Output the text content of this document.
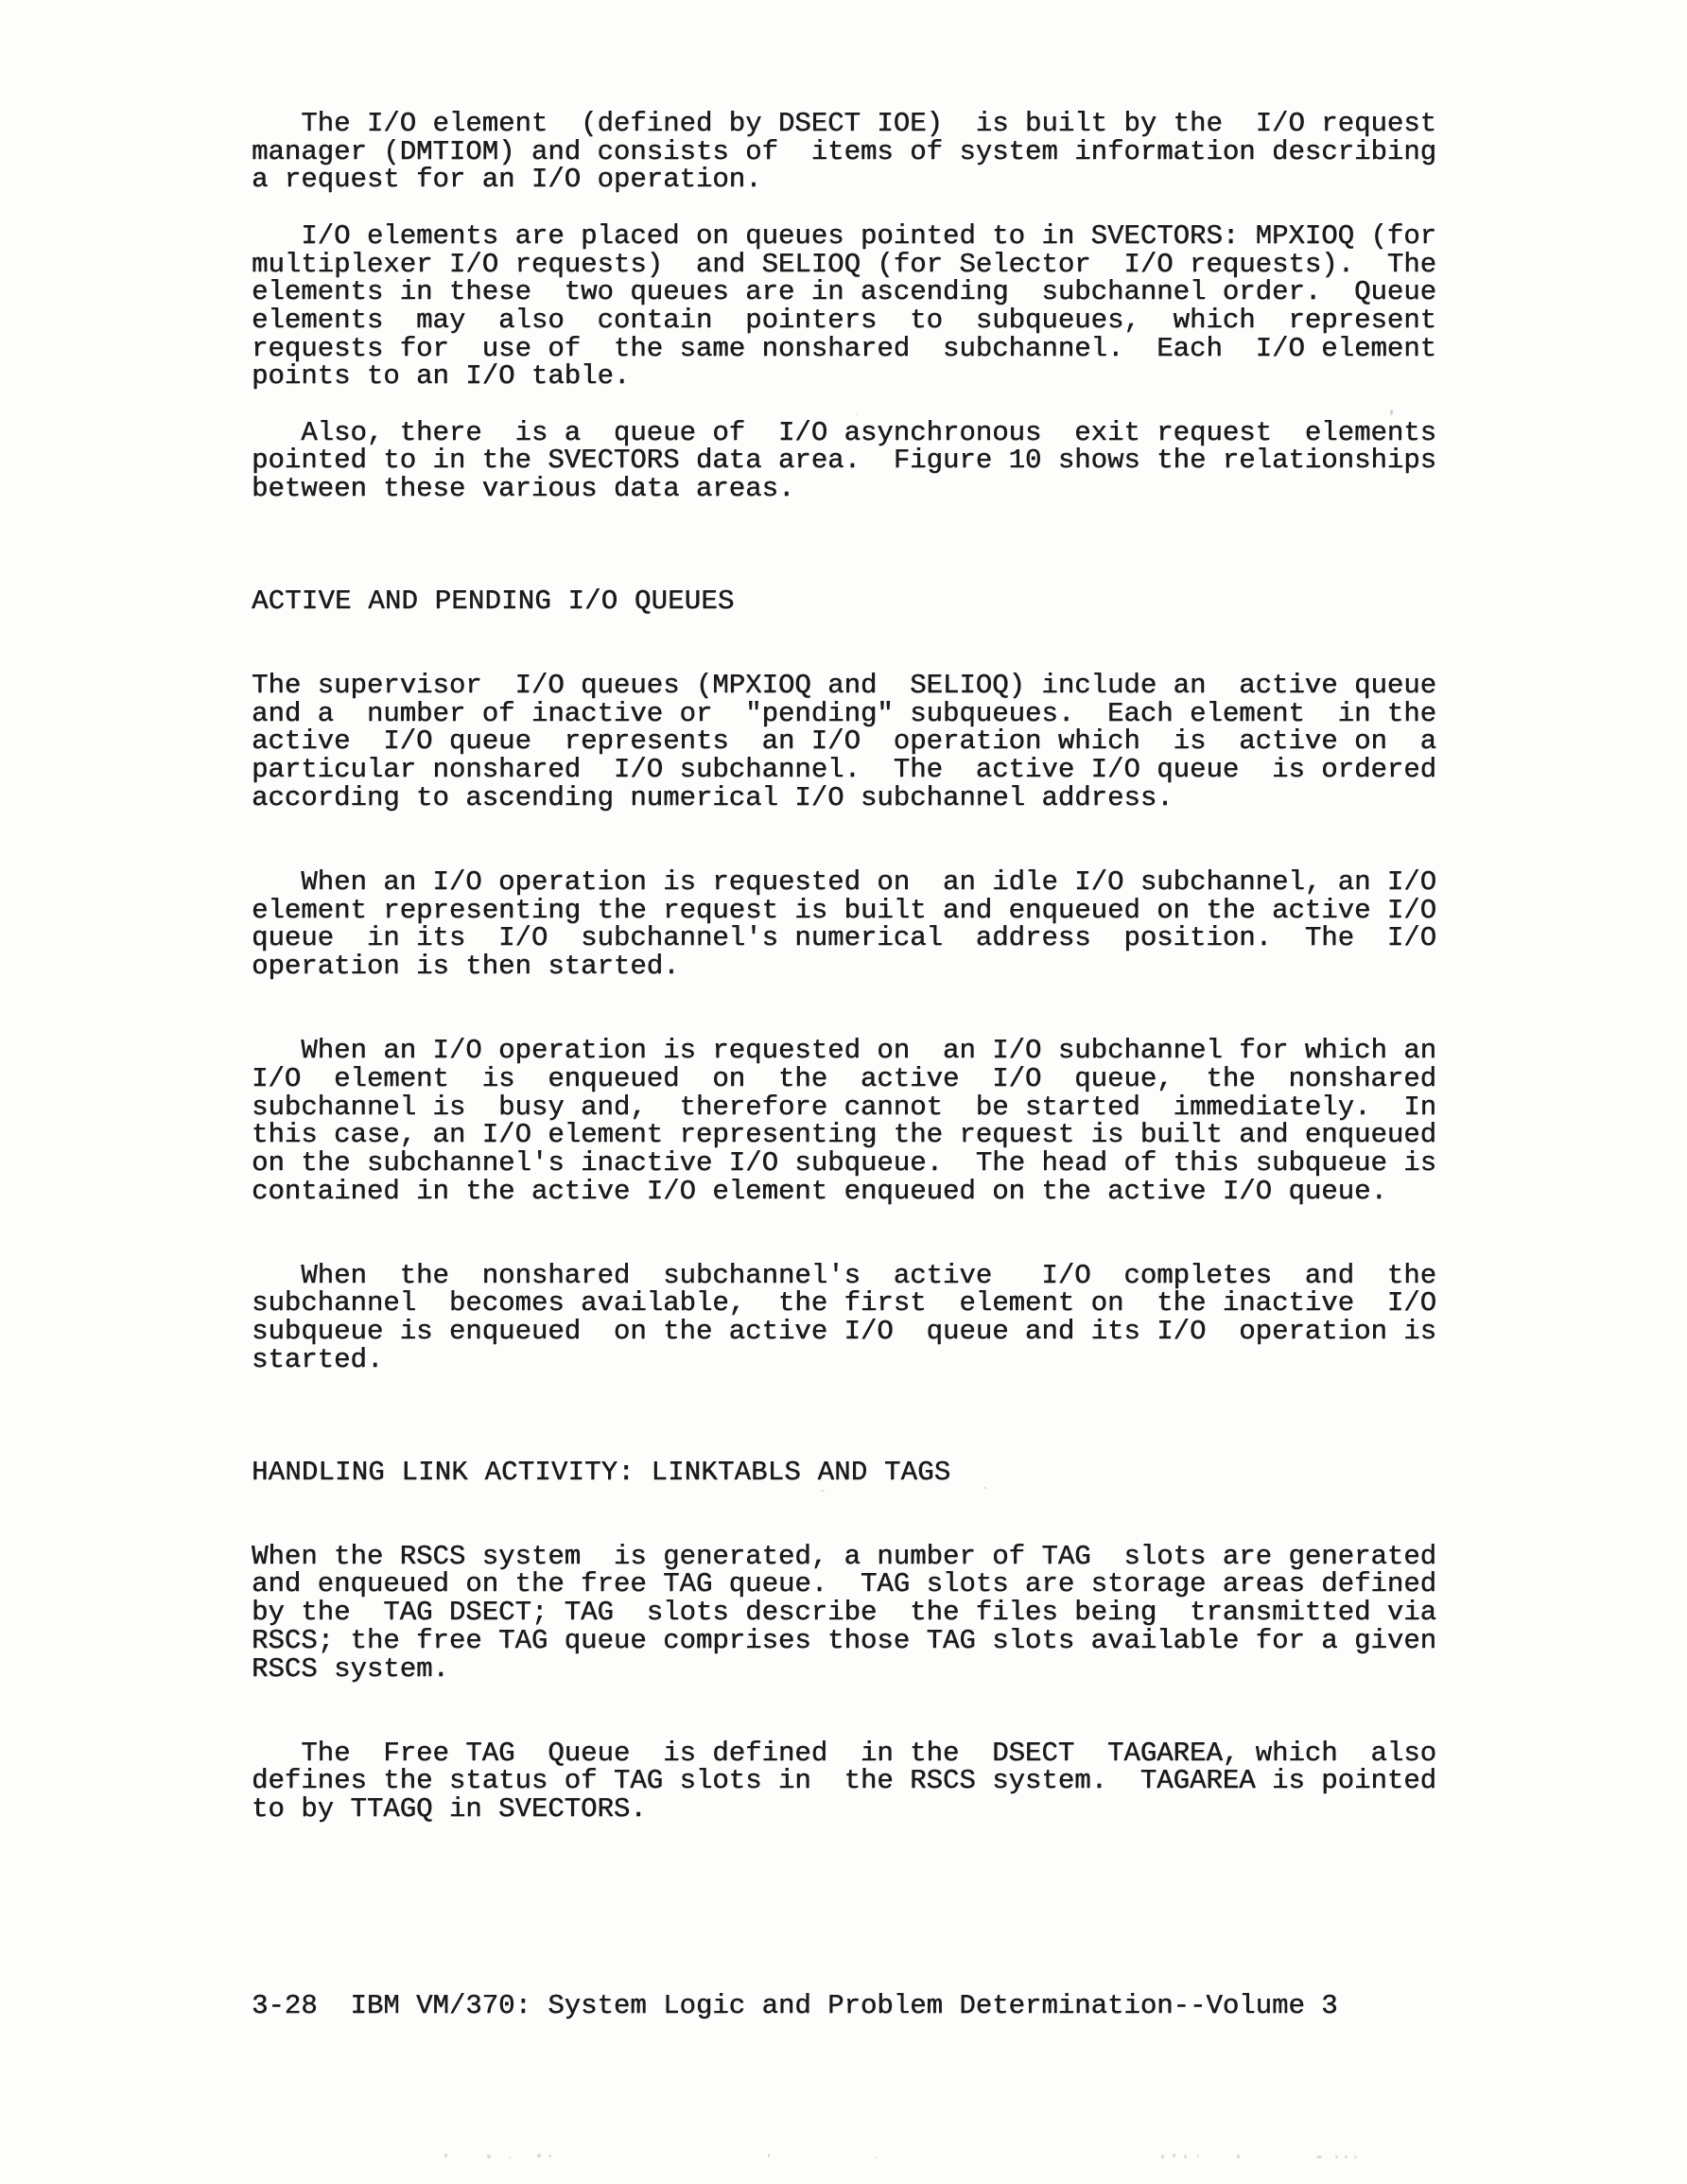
The I/O element  (defined by DSECT IOE)  is built by the  I/O request
manager (DMTIOM) and consists of  items of system information describing
a request for an I/O operation.
I/O elements are placed on queues pointed to in SVECTORS: MPXIOQ (for
multiplexer I/O requests)  and SELIOQ (for Selector  I/O requests).  The
elements in these  two queues are in ascending  subchannel order.  Queue
elements  may  also  contain  pointers  to  subqueues,  which  represent
requests for  use of  the same nonshared  subchannel.  Each  I/O element
points to an I/O table.
Also, there  is a  queue of  I/O asynchronous  exit request  elements
pointed to in the SVECTORS data area.  Figure 10 shows the relationships
between these various data areas.
ACTIVE AND PENDING I/O QUEUES
The supervisor  I/O queues (MPXIOQ and  SELIOQ) include an  active queue
and a  number of inactive or  "pending" subqueues.  Each element  in the
active  I/O queue  represents  an I/O  operation which  is  active on  a
particular nonshared  I/O subchannel.  The  active I/O queue  is ordered
according to ascending numerical I/O subchannel address.
When an I/O operation is requested on  an idle I/O subchannel, an I/O
element representing the request is built and enqueued on the active I/O
queue  in its  I/O  subchannel's numerical  address  position.  The  I/O
operation is then started.
When an I/O operation is requested on  an I/O subchannel for which an
I/O  element  is  enqueued  on  the  active  I/O  queue,  the  nonshared
subchannel is  busy and,  therefore cannot  be started  immediately.  In
this case, an I/O element representing the request is built and enqueued
on the subchannel's inactive I/O subqueue.  The head of this subqueue is
contained in the active I/O element enqueued on the active I/O queue.
When  the  nonshared  subchannel's  active   I/O  completes  and  the
subchannel  becomes available,  the first  element on  the inactive  I/O
subqueue is enqueued  on the active I/O  queue and its I/O  operation is
started.
HANDLING LINK ACTIVITY: LINKTABLS AND TAGS
When the RSCS system  is generated, a number of TAG  slots are generated
and enqueued on the free TAG queue.  TAG slots are storage areas defined
by the  TAG DSECT; TAG  slots describe  the files being  transmitted via
RSCS; the free TAG queue comprises those TAG slots available for a given
RSCS system.
The  Free TAG  Queue  is defined  in the  DSECT  TAGAREA, which  also
defines the status of TAG slots in  the RSCS system.  TAGAREA is pointed
to by TTAGQ in SVECTORS.
3-28  IBM VM/370: System Logic and Problem Determination--Volume 3
